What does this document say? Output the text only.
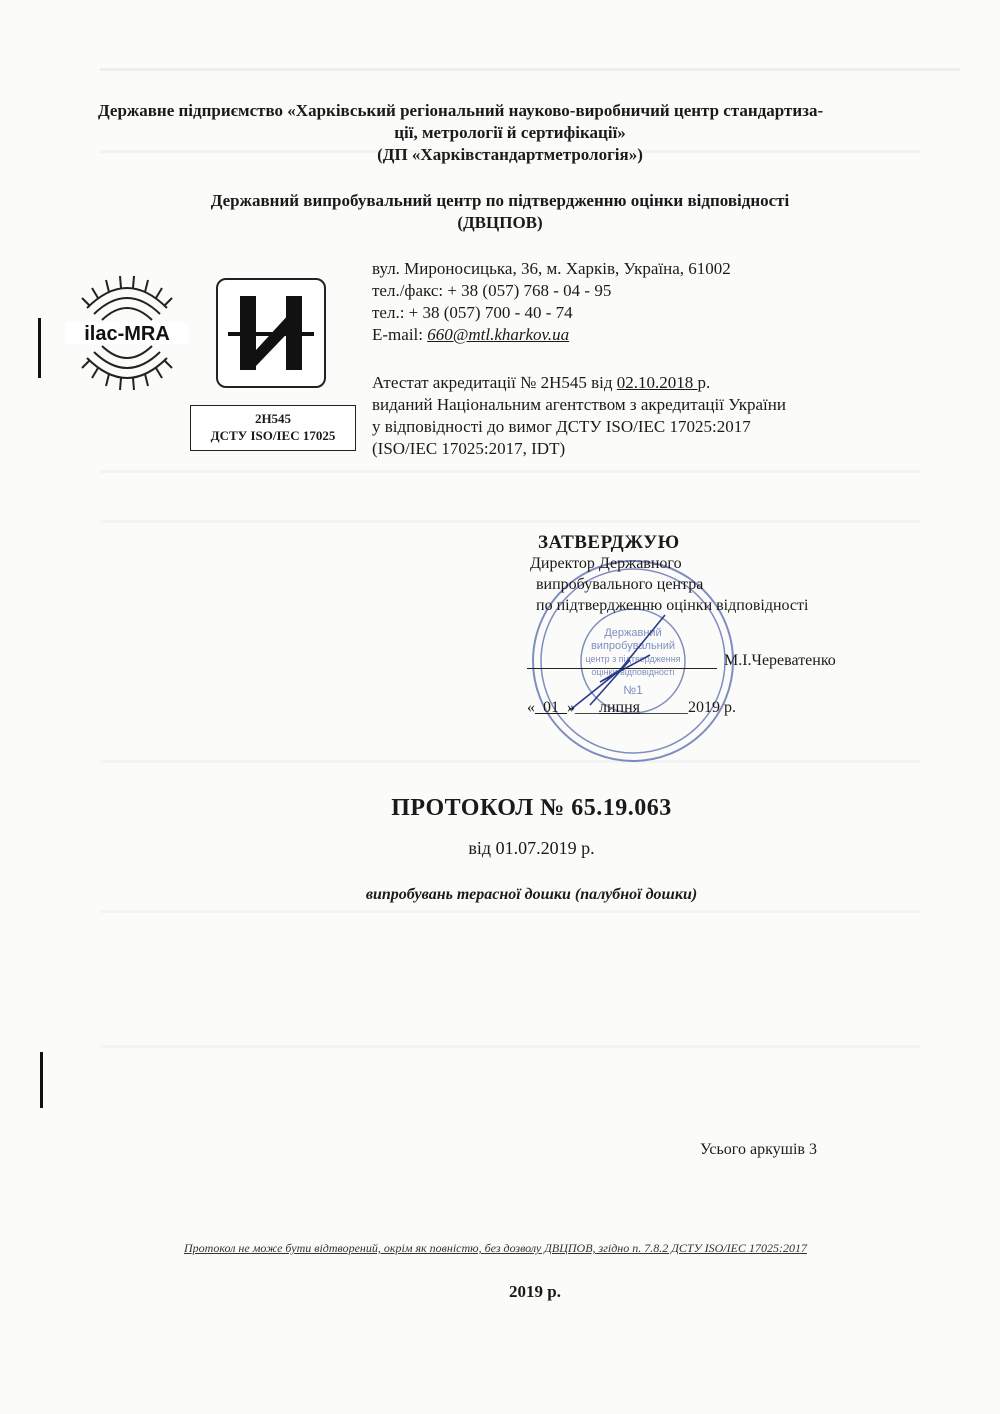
Державне підприємство «Харківський регіональний науково-виробничий центр стандартиза-
ції, метрології й сертифікації»
(ДП «Харківстандартметрологія»)
Державний випробувальний центр по підтвердженню оцінки відповідності
(ДВЦПОВ)
ilac-MRA
2H545
ДСТУ ISO/IEC 17025
вул. Мироносицька, 36, м. Харків, Україна, 61002
тел./факс: + 38 (057) 768 - 04 - 95
тел.: + 38 (057) 700 - 40 - 74
E-mail: 660@mtl.kharkov.ua
Атестат акредитації № 2H545 від 02.10.2018 р.
виданий Національним агентством з акредитації України
у відповідності до вимог ДСТУ ISO/IEC 17025:2017
(ISO/IEC 17025:2017, IDT)
Державний
випробувальний
центр з підтвердження
оцінки відповідності
№1
ЗАТВЕРДЖУЮ
Директор Державного
випробувального центра
по підтвердженню оцінки відповідності
М.І.Череватенко
«_01_»___липня______2019 р.
ПРОТОКОЛ № 65.19.063
від 01.07.2019 р.
випробувань терасної дошки (палубної дошки)
Усього аркушів 3
Протокол не може бути відтворений, окрім як повністю, без дозволу ДВЦПОВ, згідно п. 7.8.2 ДСТУ ISO/IEC 17025:2017
2019 р.
